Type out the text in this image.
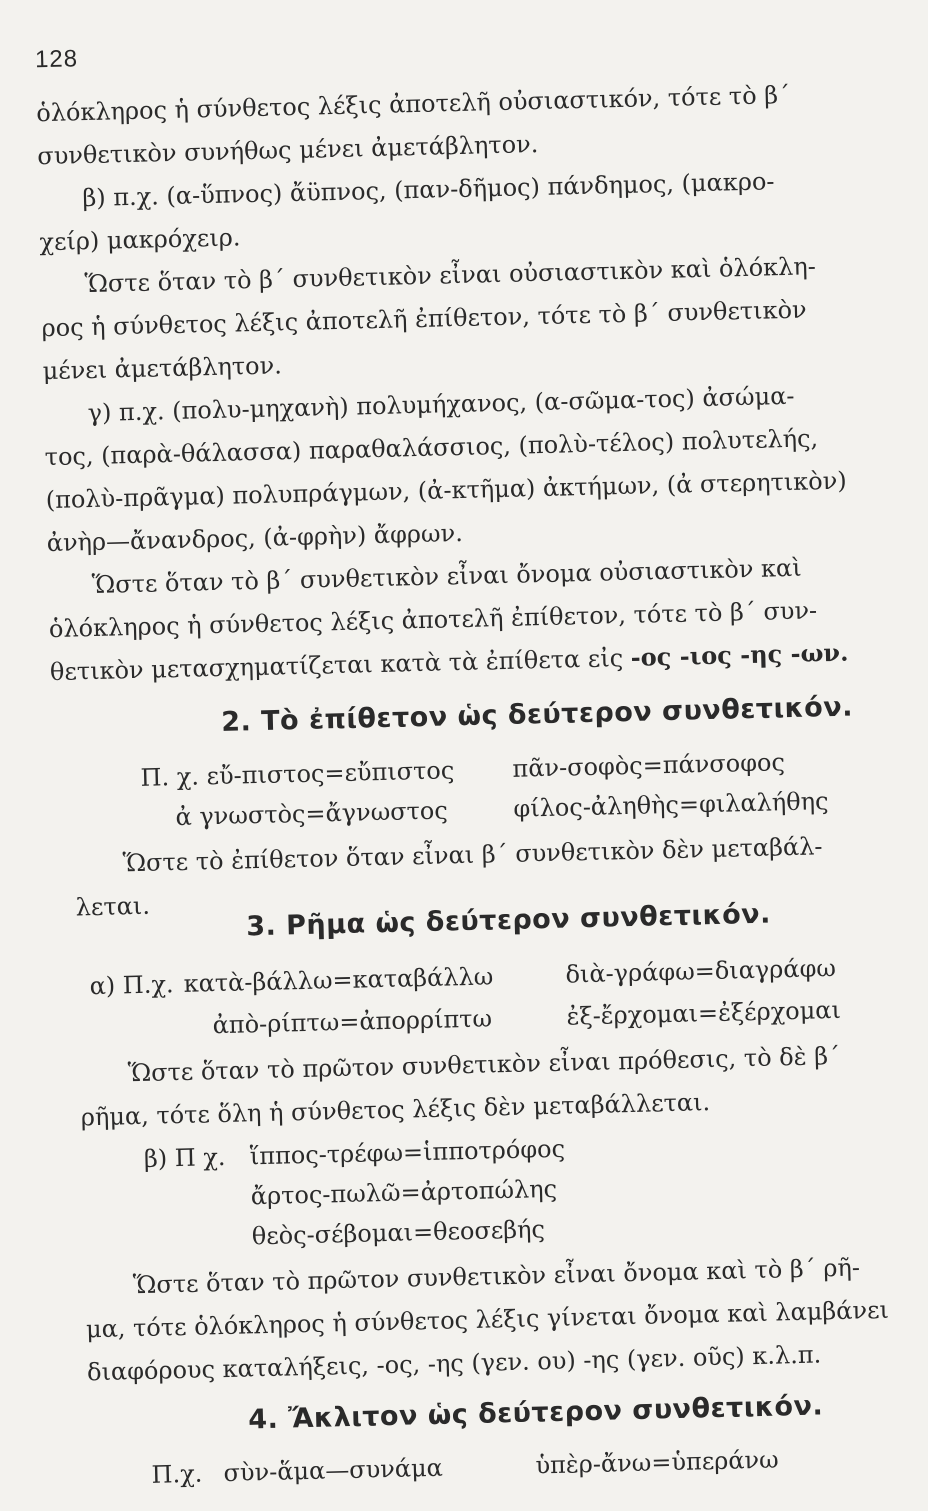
128
ὁλόκληρος ἡ σύνθετος λέξις ἀποτελῆ οὐσιαστικόν, τότε τὸ β΄
συνθετικὸν συνήθως μένει ἀμετάβλητον.
β) π.χ. (α-ὕπνος) ἄϋπνος, (παν-δῆμος) πάνδημος, (μακρο-
χείρ) μακρόχειρ.
Ὥστε ὅταν τὸ β΄ συνθετικὸν εἶναι οὐσιαστικὸν καὶ ὁλόκλη-
ρος ἡ σύνθετος λέξις ἀποτελῆ ἐπίθετον, τότε τὸ β΄ συνθετικὸν
μένει ἀμετάβλητον.
γ) π.χ. (πολυ-μηχανὴ) πολυμήχανος, (α-σῶμα-τος) ἀσώμα-
τος, (παρὰ-θάλασσα) παραθαλάσσιος, (πολὺ-τέλος) πολυτελής,
(πολὺ-πρᾶγμα) πολυπράγμων, (ἀ-κτῆμα) ἀκτήμων, (ἀ στερητικὸν)
ἀνὴρ—ἄνανδρος, (ἀ-φρὴν) ἄφρων.
Ὥστε ὅταν τὸ β΄ συνθετικὸν εἶναι ὄνομα οὐσιαστικὸν καὶ
ὁλόκληρος ἡ σύνθετος λέξις ἀποτελῆ ἐπίθετον, τότε τὸ β΄ συν-
θετικὸν μετασχηματίζεται κατὰ τὰ ἐπίθετα εἰς -ος -ιος -ης -ων.
2. Τὸ ἐπίθετον ὡς δεύτερον συνθετικόν.
Π. χ. εὔ-πιστος=εὔπιστος πᾶν-σοφὸς=πάνσοφος
ἀ γνωστὸς=ἄγνωστος	φίλος-ἀληθὴς=φιλαλήθης
Ὥστε τὸ ἐπίθετον ὅταν εἶναι β΄ συνθετικὸν δὲν μεταβάλ-
λεται.	3. Ρῆμα ὡς δεύτερον συνθετικόν.
α) Π.χ. κατὰ-βάλλω=καταβάλλω	διὰ-γράφω=διαγράφω
ἀπὸ-ρίπτω=ἀπορρίπτω	ἐξ-ἔρχομαι=ἐξέρχομαι
Ὥστε ὅταν τὸ πρῶτον συνθετικὸν εἶναι πρόθεσις, τὸ δὲ β΄
ρῆμα, τότε ὅλη ἡ σύνθετος λέξις δὲν μεταβάλλεται.
β) Π χ. ἵππος-τρέφω=ἱπποτρόφος
ἄρτος-πωλῶ=ἀρτοπώλης
θεὸς-σέβομαι=θεοσεβής
Ὥστε ὅταν τὸ πρῶτον συνθετικὸν εἶναι ὄνομα καὶ τὸ β΄ ρῆ-
μα, τότε ὁλόκληρος ἡ σύνθετος λέξις γίνεται ὄνομα καὶ λαμβάνει
διαφόρους καταλήξεις, -ος, -ης (γεν. ου) -ης (γεν. οῦς) κ.λ.π.
4. Ἄκλιτον ὡς δεύτερον συνθετικόν.
Π.χ. σὺν-ἅμα—συνάμα	ὑπὲρ-ἄνω=ὑπεράνω
